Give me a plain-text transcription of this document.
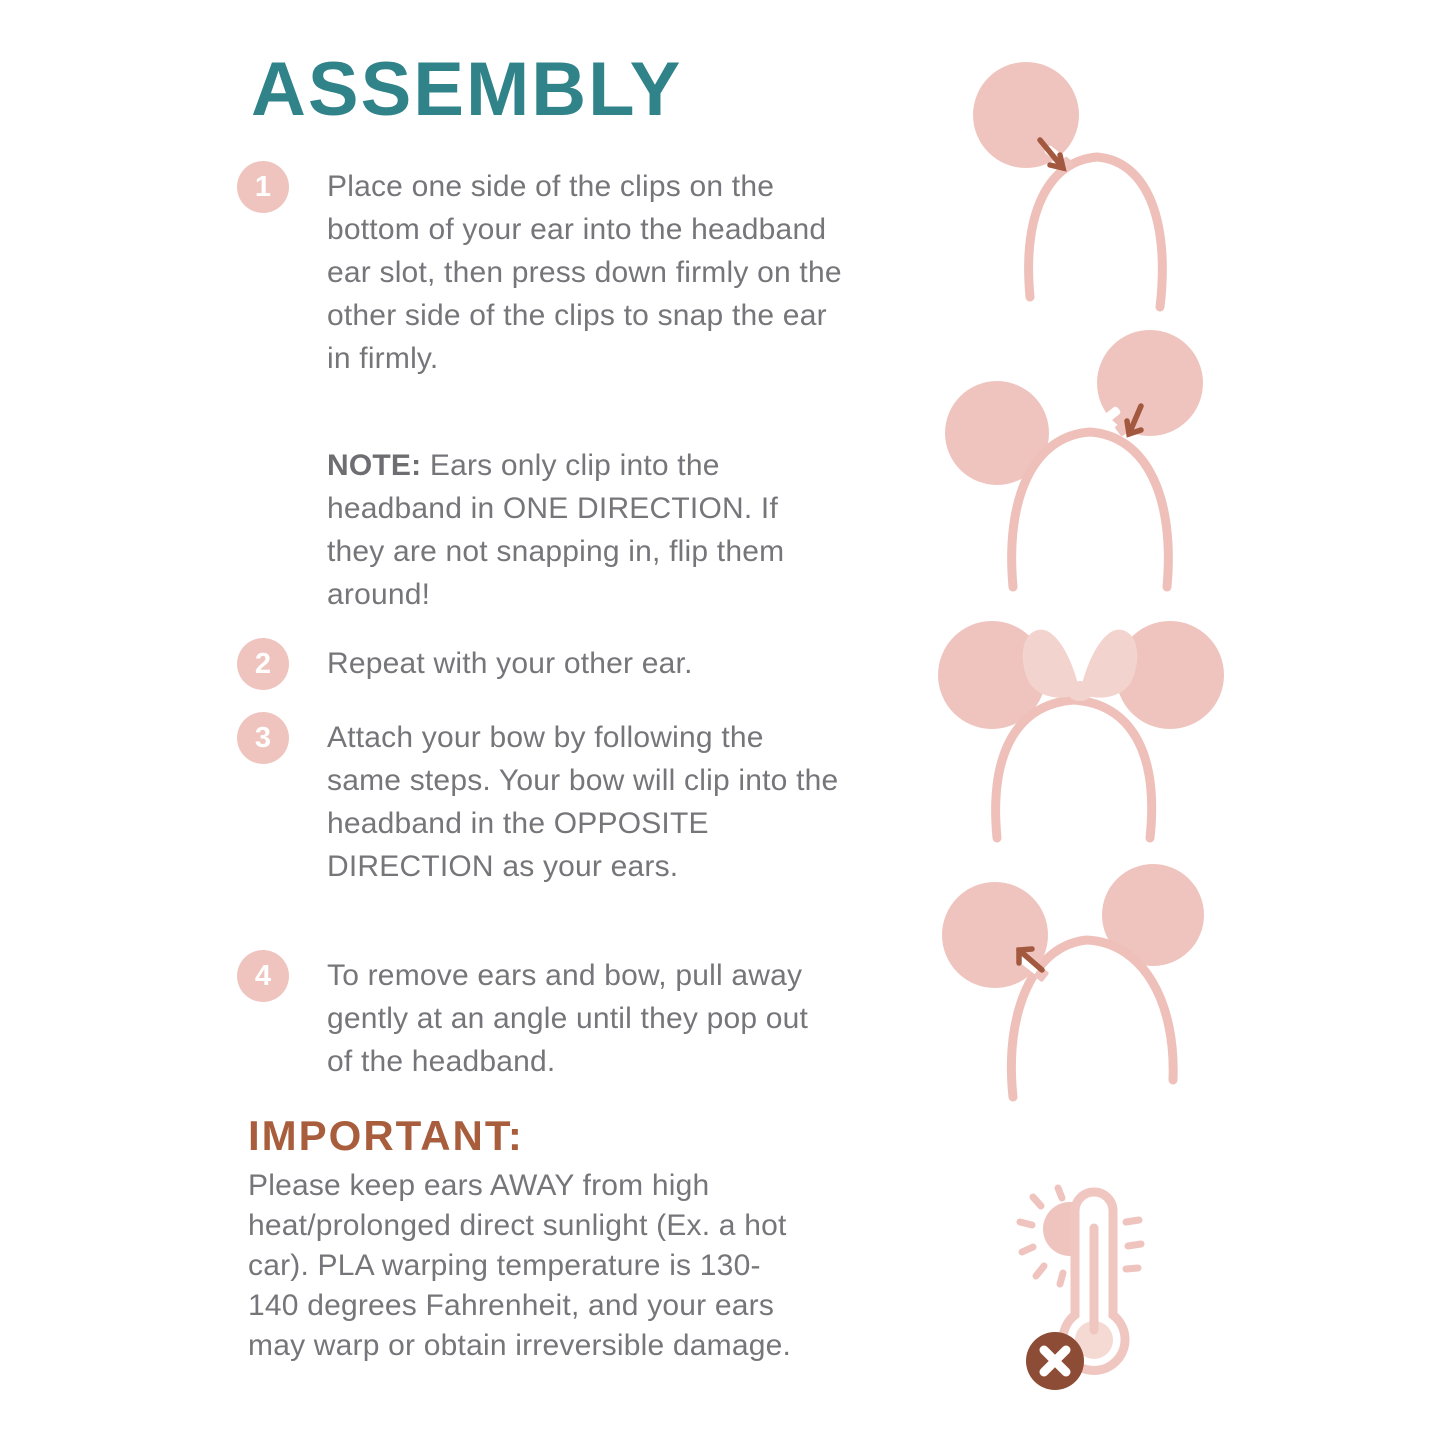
ASSEMBLY
1	Place one side of the clips on the bottom of your ear into the headband ear slot, then press down firmly on the other side of the clips to snap the ear in firmly.

NOTE: Ears only clip into the headband in ONE DIRECTION. If they are not snapping in, flip them around!

2	Repeat with your other ear.

3	Attach your bow by following the same steps. Your bow will clip into the headband in the OPPOSITE DIRECTION as your ears.

4	To remove ears and bow, pull away gently at an angle until they pop out of the headband.

IMPORTANT:

Please keep ears AWAY from high heat/prolonged direct sunlight (Ex. a hot car). PLA warping temperature is 130-140 degrees Fahrenheit, and your ears may warp or obtain irreversible damage.
